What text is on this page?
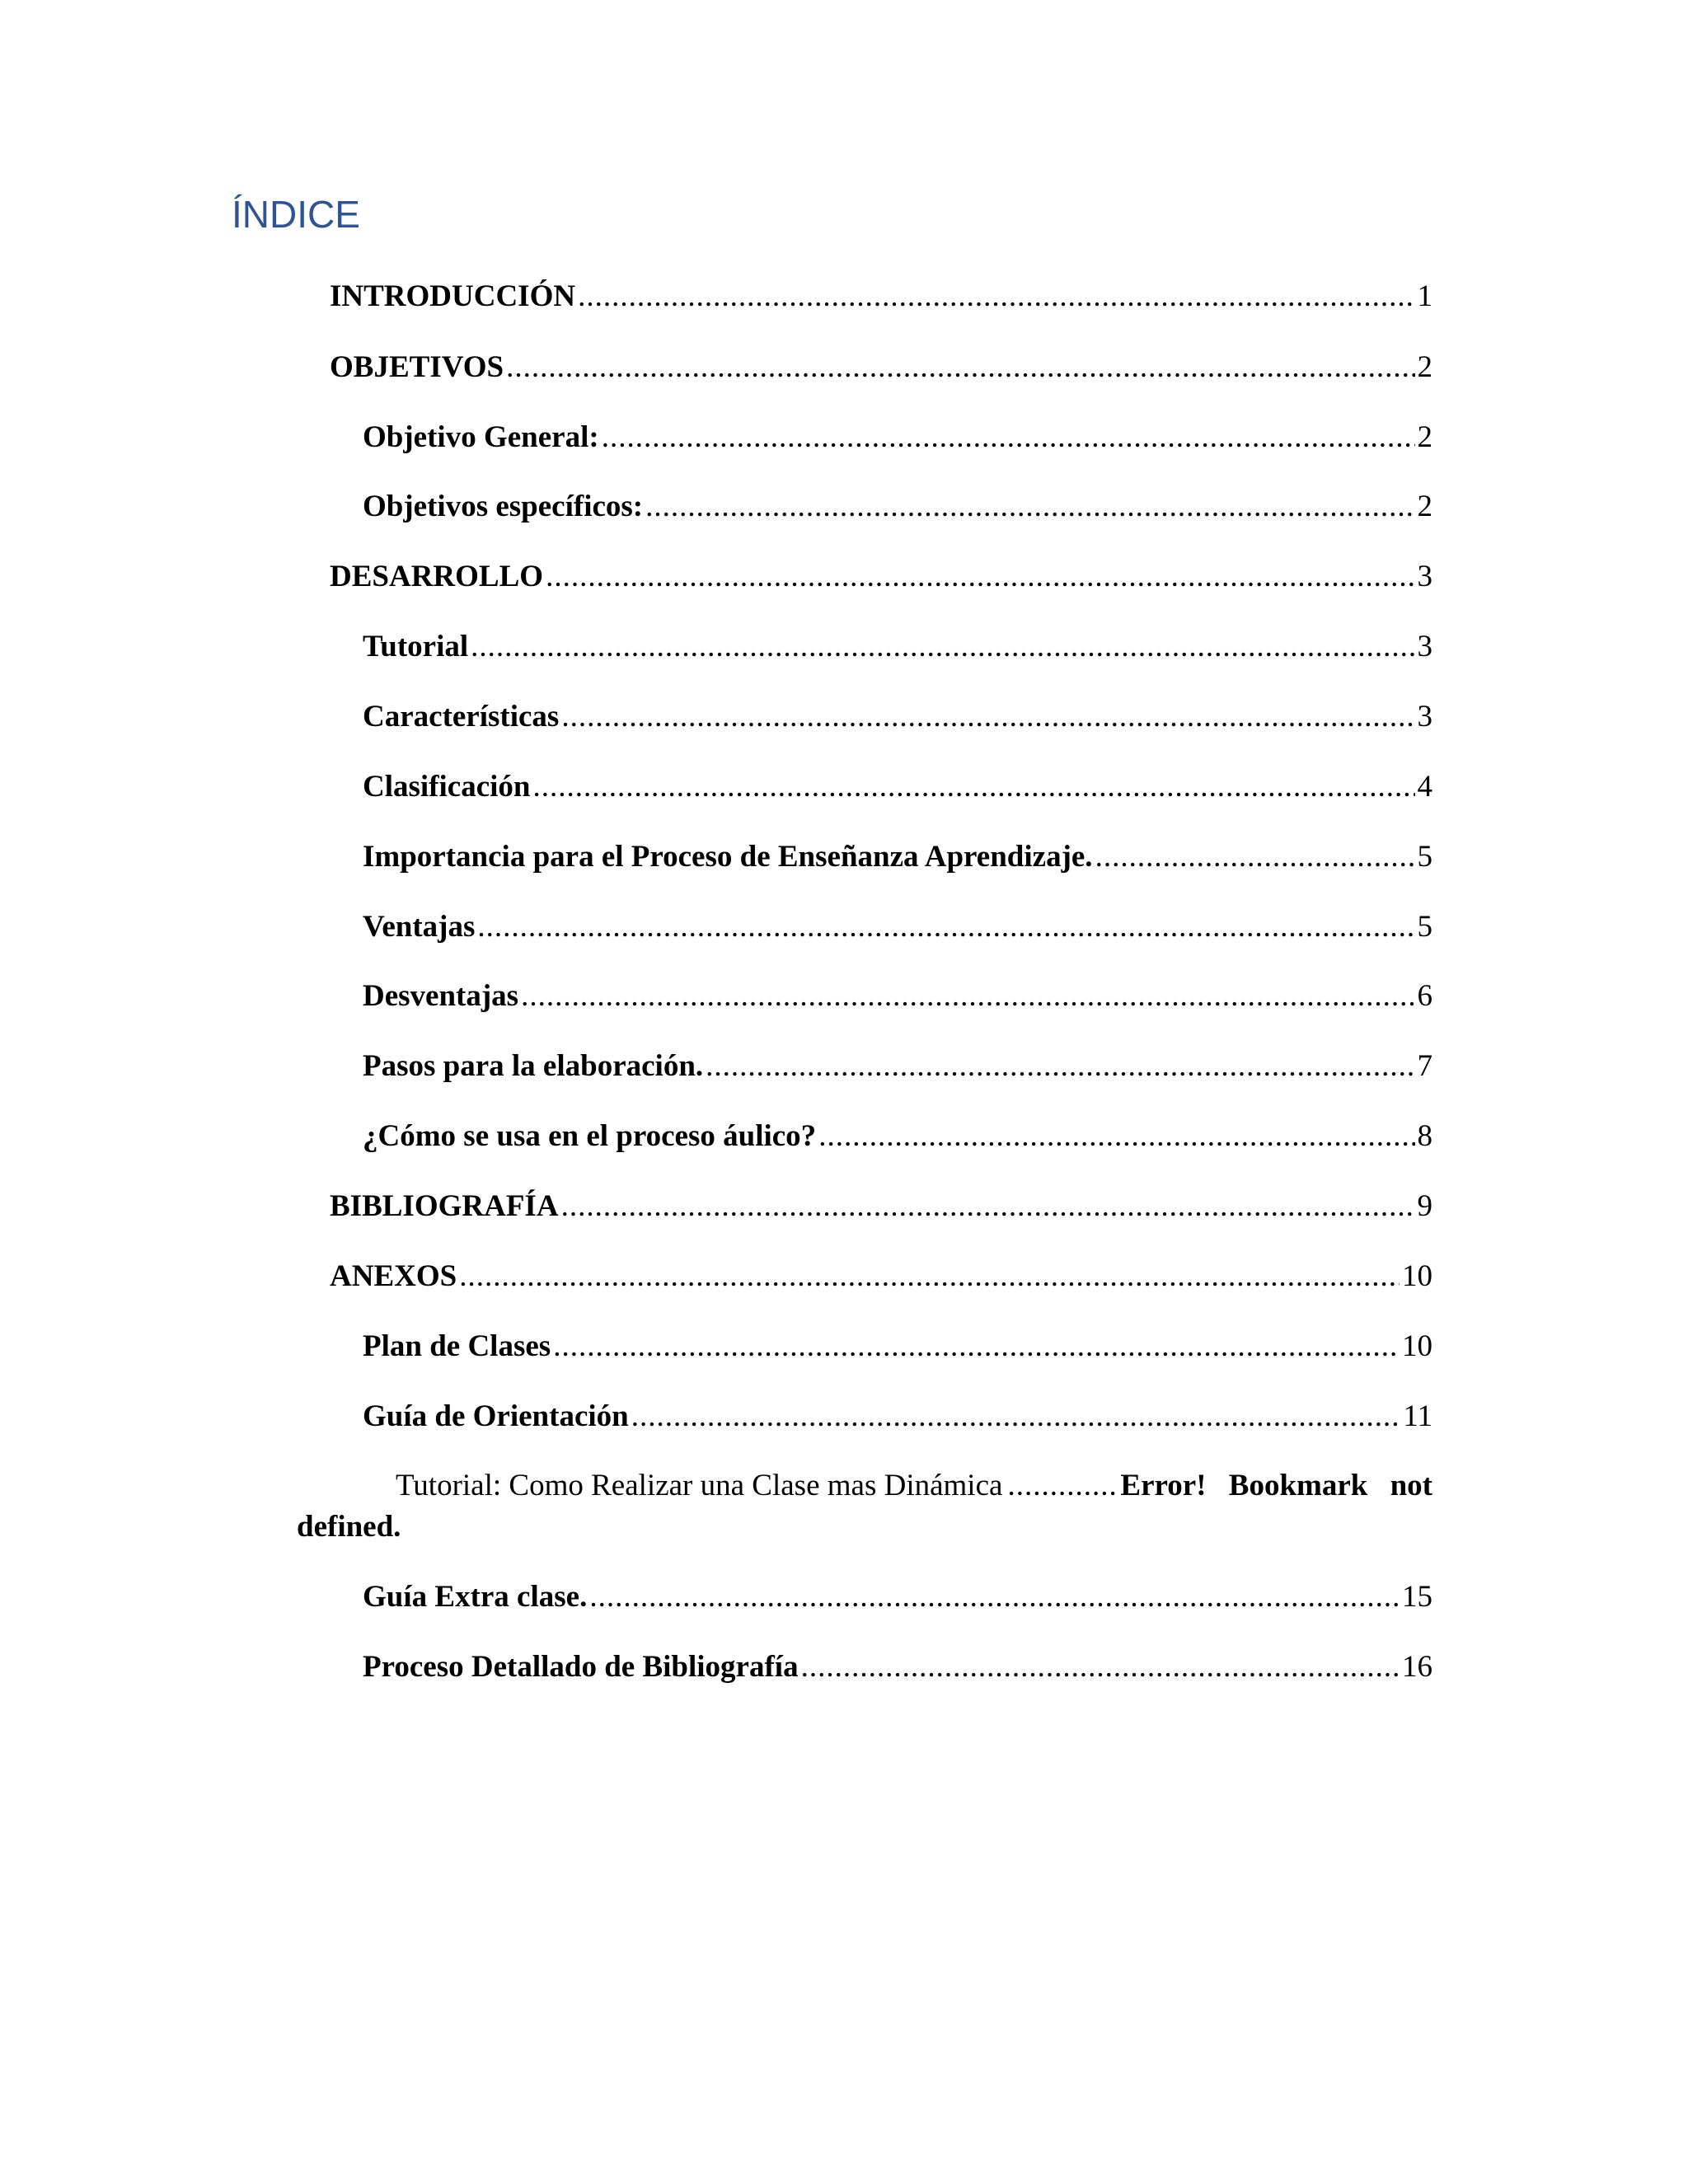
ÍNDICE
INTRODUCCIÓN .....	1
OBJETIVOS .....	2
Objetivo General: .....	2
Objetivos específicos: .....	2
DESARROLLO .....	3
Tutorial .....	3
Características .....	3
Clasificación .....	4
Importancia para el Proceso de Enseñanza Aprendizaje. .....	5
Ventajas .....	5
Desventajas .....	6
Pasos para la elaboración. .....	7
¿Cómo se usa en el proceso áulico? .....	8
BIBLIOGRAFÍA .....	9
ANEXOS .....	10
Plan de Clases .....	10
Guía de Orientación .....	11
Guía Extra clase. .....	15
Proceso Detallado de Bibliografía .....	16
Tutorial: Como Realizar una Clase mas Dinámica .....	Error! Bookmark not
defined.
